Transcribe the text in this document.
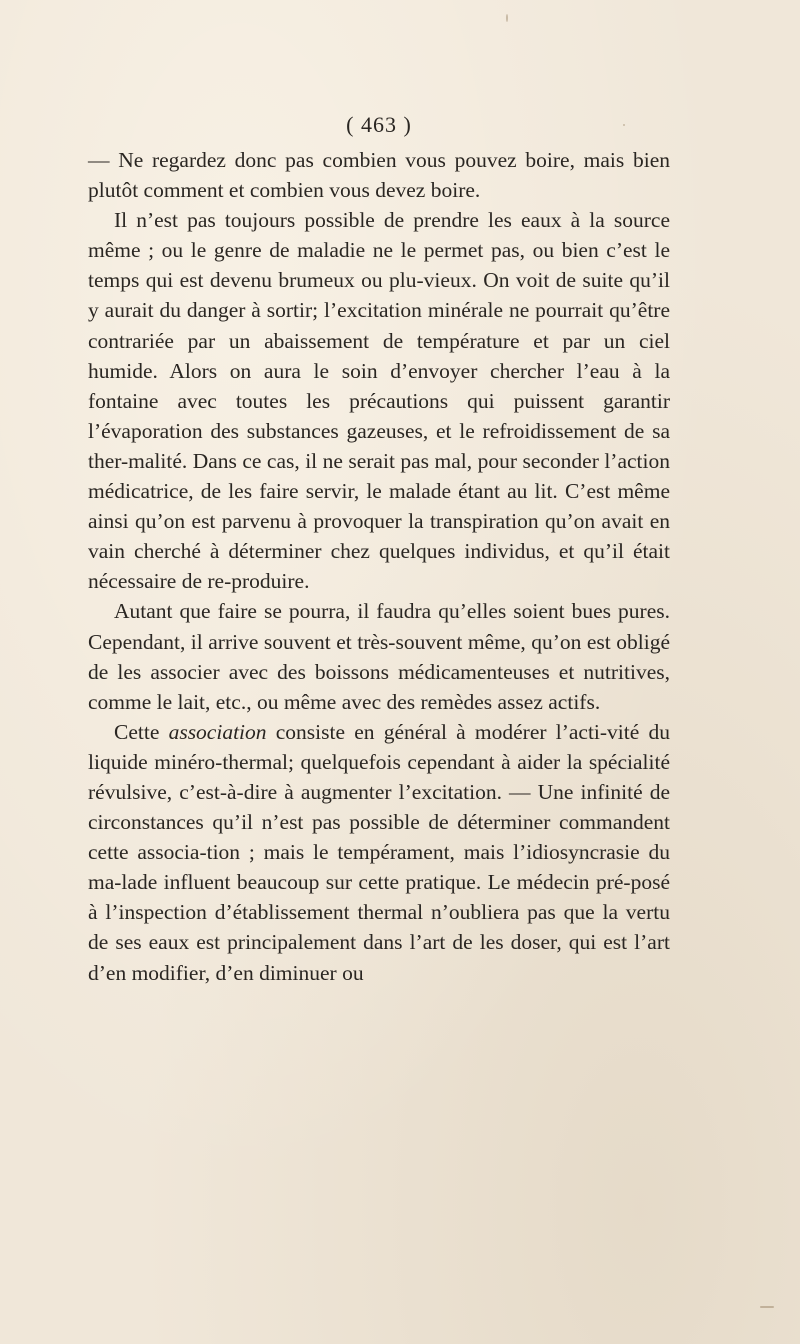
( 463 )

— Ne regardez donc pas combien vous pouvez boire, mais bien plutôt comment et combien vous devez boire.

Il n’est pas toujours possible de prendre les eaux à la source même ; ou le genre de maladie ne le permet pas, ou bien c’est le temps qui est devenu brumeux ou plu-vieux. On voit de suite qu’il y aurait du danger à sortir; l’excitation minérale ne pourrait qu’être contrariée par un abaissement de température et par un ciel humide. Alors on aura le soin d’envoyer chercher l’eau à la fontaine avec toutes les précautions qui puissent garantir l’évaporation des substances gazeuses, et le refroidissement de sa ther-malité. Dans ce cas, il ne serait pas mal, pour seconder l’action médicatrice, de les faire servir, le malade étant au lit. C’est même ainsi qu’on est parvenu à provoquer la transpiration qu’on avait en vain cherché à déterminer chez quelques individus, et qu’il était nécessaire de re-produire.

Autant que faire se pourra, il faudra qu’elles soient bues pures. Cependant, il arrive souvent et très-souvent même, qu’on est obligé de les associer avec des boissons médicamenteuses et nutritives, comme le lait, etc., ou même avec des remèdes assez actifs.

Cette association consiste en général à modérer l’acti-vité du liquide minéro-thermal; quelquefois cependant à aider la spécialité révulsive, c’est-à-dire à augmenter l’excitation. — Une infinité de circonstances qu’il n’est pas possible de déterminer commandent cette associa-tion ; mais le tempérament, mais l’idiosyncrasie du ma-lade influent beaucoup sur cette pratique. Le médecin pré-posé à l’inspection d’établissement thermal n’oubliera pas que la vertu de ses eaux est principalement dans l’art de les doser, qui est l’art d’en modifier, d’en diminuer ou
